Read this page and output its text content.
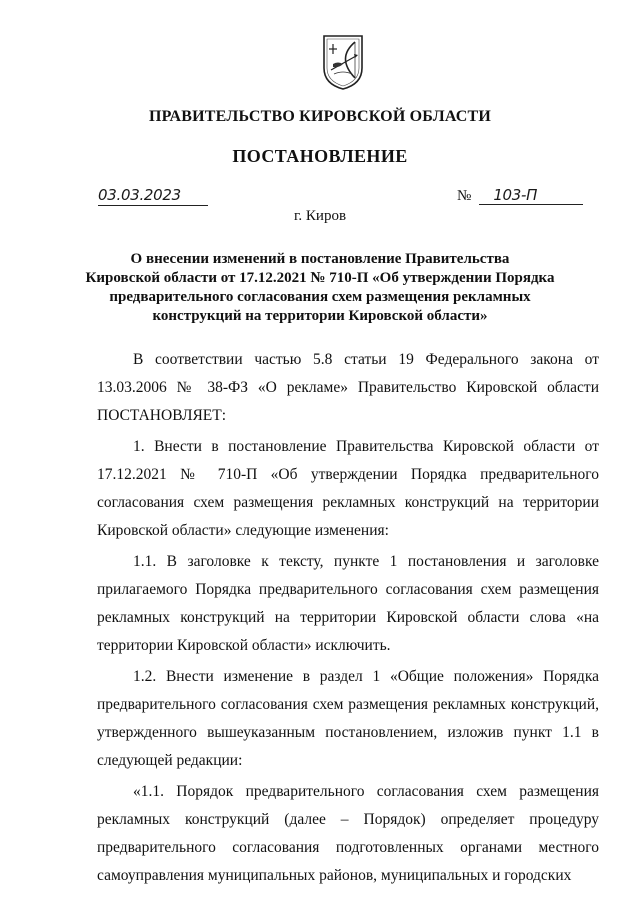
ПРАВИТЕЛЬСТВО КИРОВСКОЙ ОБЛАСТИ
ПОСТАНОВЛЕНИЕ
03.03.2023	№ 103-П
г. Киров
О внесении изменений в постановление Правительства
Кировской области от 17.12.2021 № 710-П «Об утверждении Порядка
предварительного согласования схем размещения рекламных
конструкций на территории Кировской области»

В соответствии частью 5.8 статьи 19 Федерального закона от 13.03.2006 № 38-ФЗ «О рекламе» Правительство Кировской области ПОСТАНОВЛЯЕТ:

1. Внести в постановление Правительства Кировской области от 17.12.2021 № 710-П «Об утверждении Порядка предварительного согласования схем размещения рекламных конструкций на территории Кировской области» следующие изменения:

1.1. В заголовке к тексту, пункте 1 постановления и заголовке прилагаемого Порядка предварительного согласования схем размещения рекламных конструкций на территории Кировской области слова «на территории Кировской области» исключить.

1.2. Внести изменение в раздел 1 «Общие положения» Порядка предварительного согласования схем размещения рекламных конструкций, утвержденного вышеуказанным постановлением, изложив пункт 1.1 в следующей редакции:

«1.1. Порядок предварительного согласования схем размещения рекламных конструкций (далее – Порядок) определяет процедуру предварительного согласования подготовленных органами местного самоуправления муниципальных районов, муниципальных и городских
